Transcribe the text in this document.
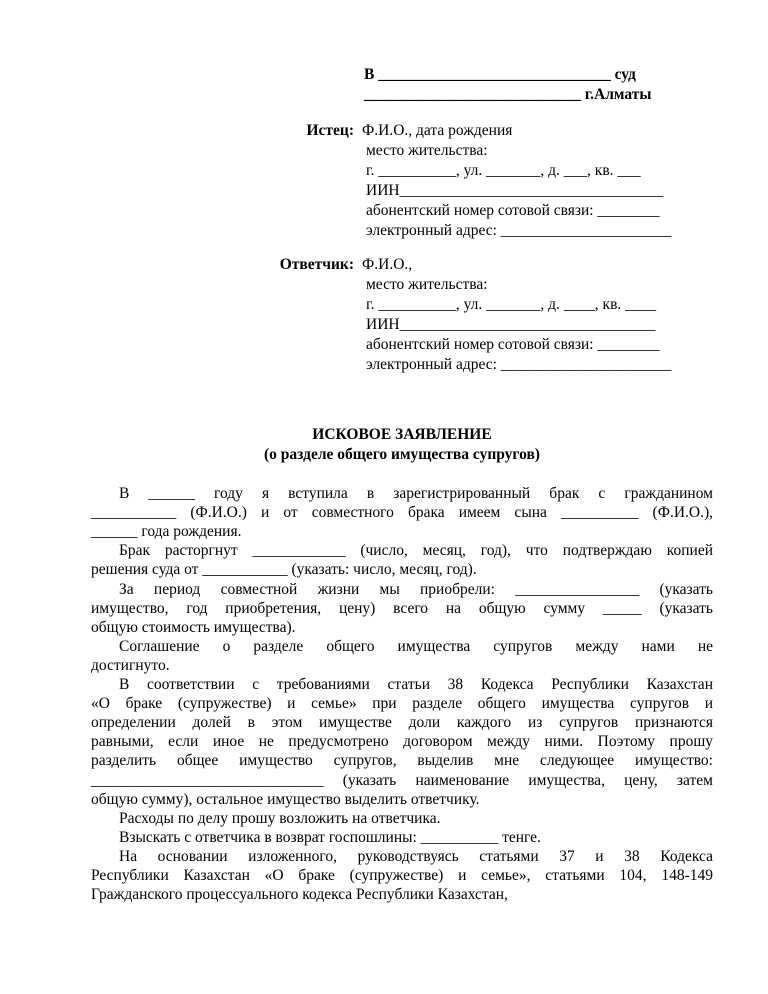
В ______________________________ суд
____________________________ г.Алматы
Истец: Ф.И.О., дата рождения
место жительства:
г. __________, ул. _______, д. ___, кв. ___
ИИН__________________________________
абонентский номер сотовой связи: ________
электронный адрес: ______________________
Ответчик: Ф.И.О.,
место жительства:
г. __________, ул. _______, д. ____, кв. ____
ИИН_________________________________
абонентский номер сотовой связи: ________
электронный адрес: ______________________
ИСКОВОЕ ЗАЯВЛЕНИЕ
(о разделе общего имущества супругов)
В ______ году я вступила в зарегистрированный брак с гражданином
___________ (Ф.И.О.) и от совместного брака имеем сына __________ (Ф.И.О.),
______ года рождения.
Брак расторгнут ____________ (число, месяц, год), что подтверждаю копией
решения суда от ___________ (указать: число, месяц, год).
За период совместной жизни мы приобрели: ________________ (указать
имущество, год приобретения, цену) всего на общую сумму _____ (указать
общую стоимость имущества).
Соглашение о разделе общего имущества супругов между нами не
достигнуто.
В соответствии с требованиями статьи 38 Кодекса Республики Казахстан
«О браке (супружестве) и семье» при разделе общего имущества супругов и
определении долей в этом имуществе доли каждого из супругов признаются
равными, если иное не предусмотрено договором между ними. Поэтому прошу
разделить общее имущество супругов, выделив мне следующее имущество:
______________________________ (указать наименование имущества, цену, затем
общую сумму), остальное имущество выделить ответчику.
Расходы по делу прошу возложить на ответчика.
Взыскать с ответчика в возврат госпошлины: __________ тенге.
На основании изложенного, руководствуясь статьями 37 и 38 Кодекса
Республики Казахстан «О браке (супружестве) и семье», статьями 104, 148-149
Гражданского процессуального кодекса Республики Казахстан,
